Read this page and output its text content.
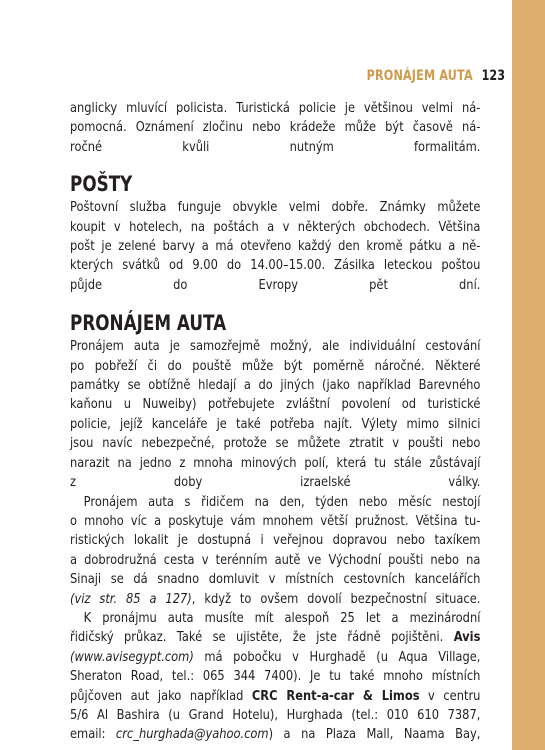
PRONÁJEM AUTA 123

anglicky mluvící policista. Turistická policie je většinou velmi ná-
pomocná. Oznámení zločinu nebo krádeže může být časově ná-
ročné kvůli nutným formalitám.

POŠTY

Poštovní služba funguje obvykle velmi dobře. Známky můžete
koupit v hotelech, na poštách a v některých obchodech. Většina
pošt je zelené barvy a má otevřeno každý den kromě pátku a ně-
kterých svátků od 9.00 do 14.00–15.00. Zásilka leteckou poštou
půjde do Evropy pět dní.

PRONÁJEM AUTA

Pronájem auta je samozřejmě možný, ale individuální cestování
po pobřeží či do pouště může být poměrně náročné. Některé
památky se obtížně hledají a do jiných (jako například Barevného
kaňonu u Nuweiby) potřebujete zvláštní povolení od turistické
policie, jejíž kanceláře je také potřeba najít. Výlety mimo silnici
jsou navíc nebezpečné, protože se můžete ztratit v poušti nebo
narazit na jedno z mnoha minových polí, která tu stále zůstávají
z doby izraelské války.

Pronájem auta s řidičem na den, týden nebo měsíc nestojí
o mnoho víc a poskytuje vám mnohem větší pružnost. Většina tu-
ristických lokalit je dostupná i veřejnou dopravou nebo taxíkem
a dobrodružná cesta v terénním autě ve Východní poušti nebo na
Sinaji se dá snadno domluvit v místních cestovních kancelářích
(viz str. 85 a 127), když to ovšem dovolí bezpečnostní situace.

K pronájmu auta musíte mít alespoň 25 let a mezinárodní
řidičský průkaz. Také se ujistěte, že jste řádně pojištěni. Avis
(www.avisegypt.com) má pobočku v Hurghadě (u Aqua Village,
Sheraton Road, tel.: 065 344 7400). Je tu také mnoho místních
půjčoven aut jako například CRC Rent-a-car & Limos v centru
5/6 Al Bashira (u Grand Hotelu), Hurghada (tel.: 010 610 7387,
email: crc_hurghada@yahoo.com) a na Plaza Mall, Naama Bay,
